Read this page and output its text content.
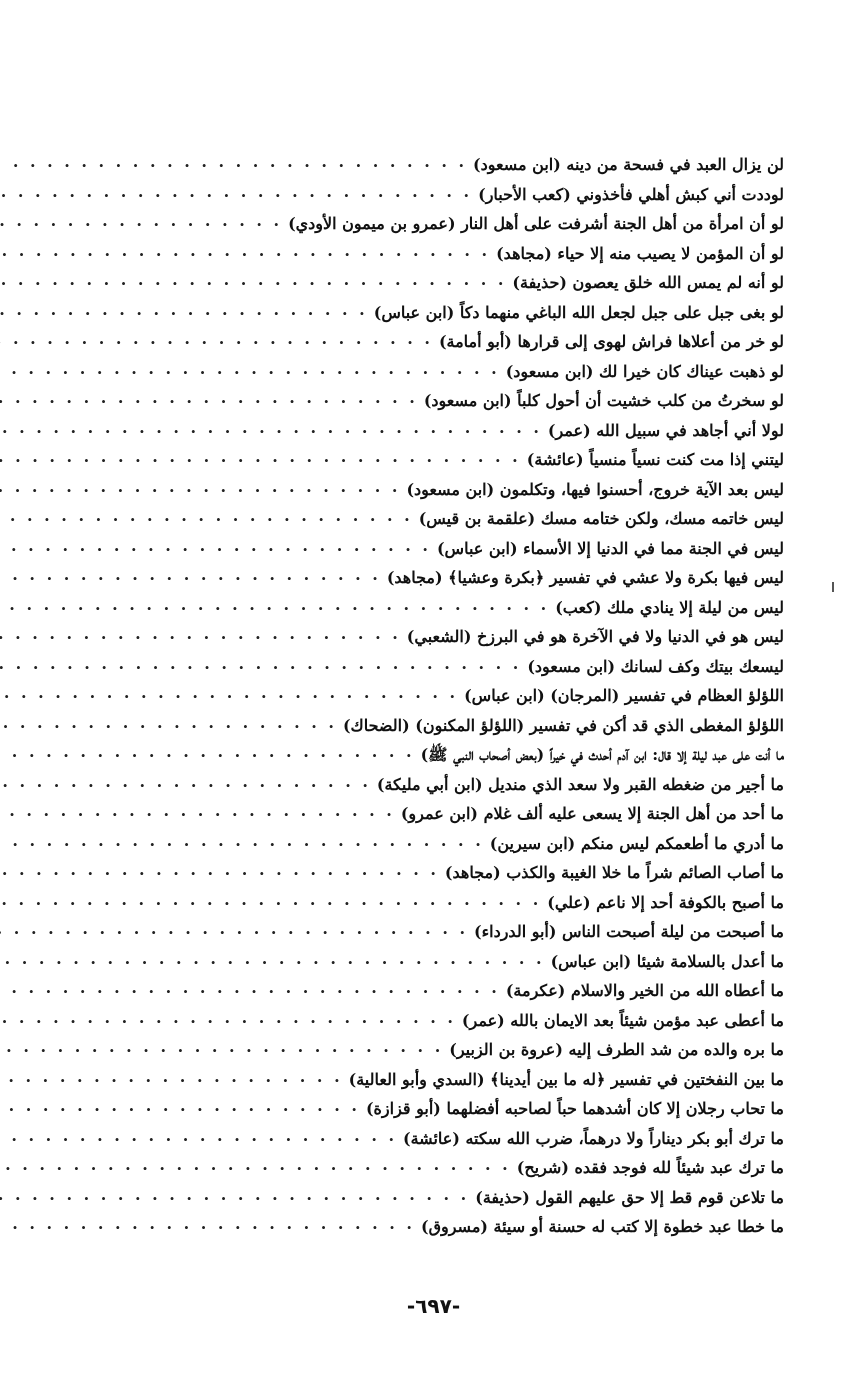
لن يزال العبد في فسحة من دينه (ابن مسعود)
. . .
لوددت أني كبش أهلي فأخذوني (كعب الأحبار)
. . .
لو أن امرأة من أهل الجنة أشرفت على أهل النار (عمرو بن ميمون الأودي)
. . .
لو أن المؤمن لا يصيب منه إلا حياء (مجاهد)
. . .
لو أنه لم يمس الله خلق يعصون (حذيفة)
. . .
لو بغى جبل على جبل لجعل الله الباغي منهما دكاً (ابن عباس)
. . .
لو خر من أعلاها فراش لهوى إلى قرارها (أبو أمامة)
. . .
لو ذهبت عيناك كان خيرا لك (ابن مسعود)
. . .
لو سخرتُ من كلب خشيت أن أحول كلباً (ابن مسعود)
. . .
لولا أني أجاهد في سبيل الله (عمر)
. . .
ليتني إذا مت كنت نسياً منسياً (عائشة)
. . .
ليس بعد الآية خروج، أحسنوا فيها، وتكلمون (ابن مسعود)
. . .
ليس خاتمه مسك، ولكن ختامه مسك (علقمة بن قيس)
. . .
ليس في الجنة مما في الدنيا إلا الأسماء (ابن عباس)
. . .
ليس فيها بكرة ولا عشي في تفسير ﴿بكرة وعشيا﴾ (مجاهد)
. . .
ليس من ليلة إلا ينادي ملك (كعب)
. . .
ليس هو في الدنيا ولا في الآخرة هو في البرزخ (الشعبي)
. . .
ليسعك بيتك وكف لسانك (ابن مسعود)
. . .
اللؤلؤ العظام في تفسير (المرجان) (ابن عباس)
. . .
اللؤلؤ المغطى الذي قد أكن في تفسير (اللؤلؤ المكنون) (الضحاك)
. . .
ما أنت على عبد ليلة إلا قال: ابن آدم أحدث في خيراً (بعض أصحاب النبي ﷺ)
. . .
ما أجير من ضغطه القبر ولا سعد الذي منديل (ابن أبي مليكة)
. . .
ما أحد من أهل الجنة إلا يسعى عليه ألف غلام (ابن عمرو)
. . .
ما أدري ما أطعمكم ليس منكم (ابن سيرين)
. . .
ما أصاب الصائم شراً ما خلا الغيبة والكذب (مجاهد)
. . .
ما أصبح بالكوفة أحد إلا ناعم (علي)
. . .
ما أصبحت من ليلة أصبحت الناس (أبو الدرداء)
. . .
ما أعدل بالسلامة شيئا (ابن عباس)
. . .
ما أعطاه الله من الخير والاسلام (عكرمة)
. . .
ما أعطى عبد مؤمن شيئاً بعد الايمان بالله (عمر)
. . .
ما بره والده من شد الطرف إليه (عروة بن الزبير)
. . .
ما بين النفختين في تفسير ﴿له ما بين أيدينا﴾ (السدي وأبو العالية)
. . .
ما تحاب رجلان إلا كان أشدهما حباً لصاحبه أفضلهما (أبو قزازة)
. . .
ما ترك أبو بكر ديناراً ولا درهماً، ضرب الله سكته (عائشة)
. . .
ما ترك عبد شيئاً لله فوجد فقده (شريح)
. . .
ما تلاعن قوم قط إلا حق عليهم القول (حذيفة)
. . .
ما خطا عبد خطوة إلا كتب له حسنة أو سيئة (مسروق)
. . .
-٦٩٧-
